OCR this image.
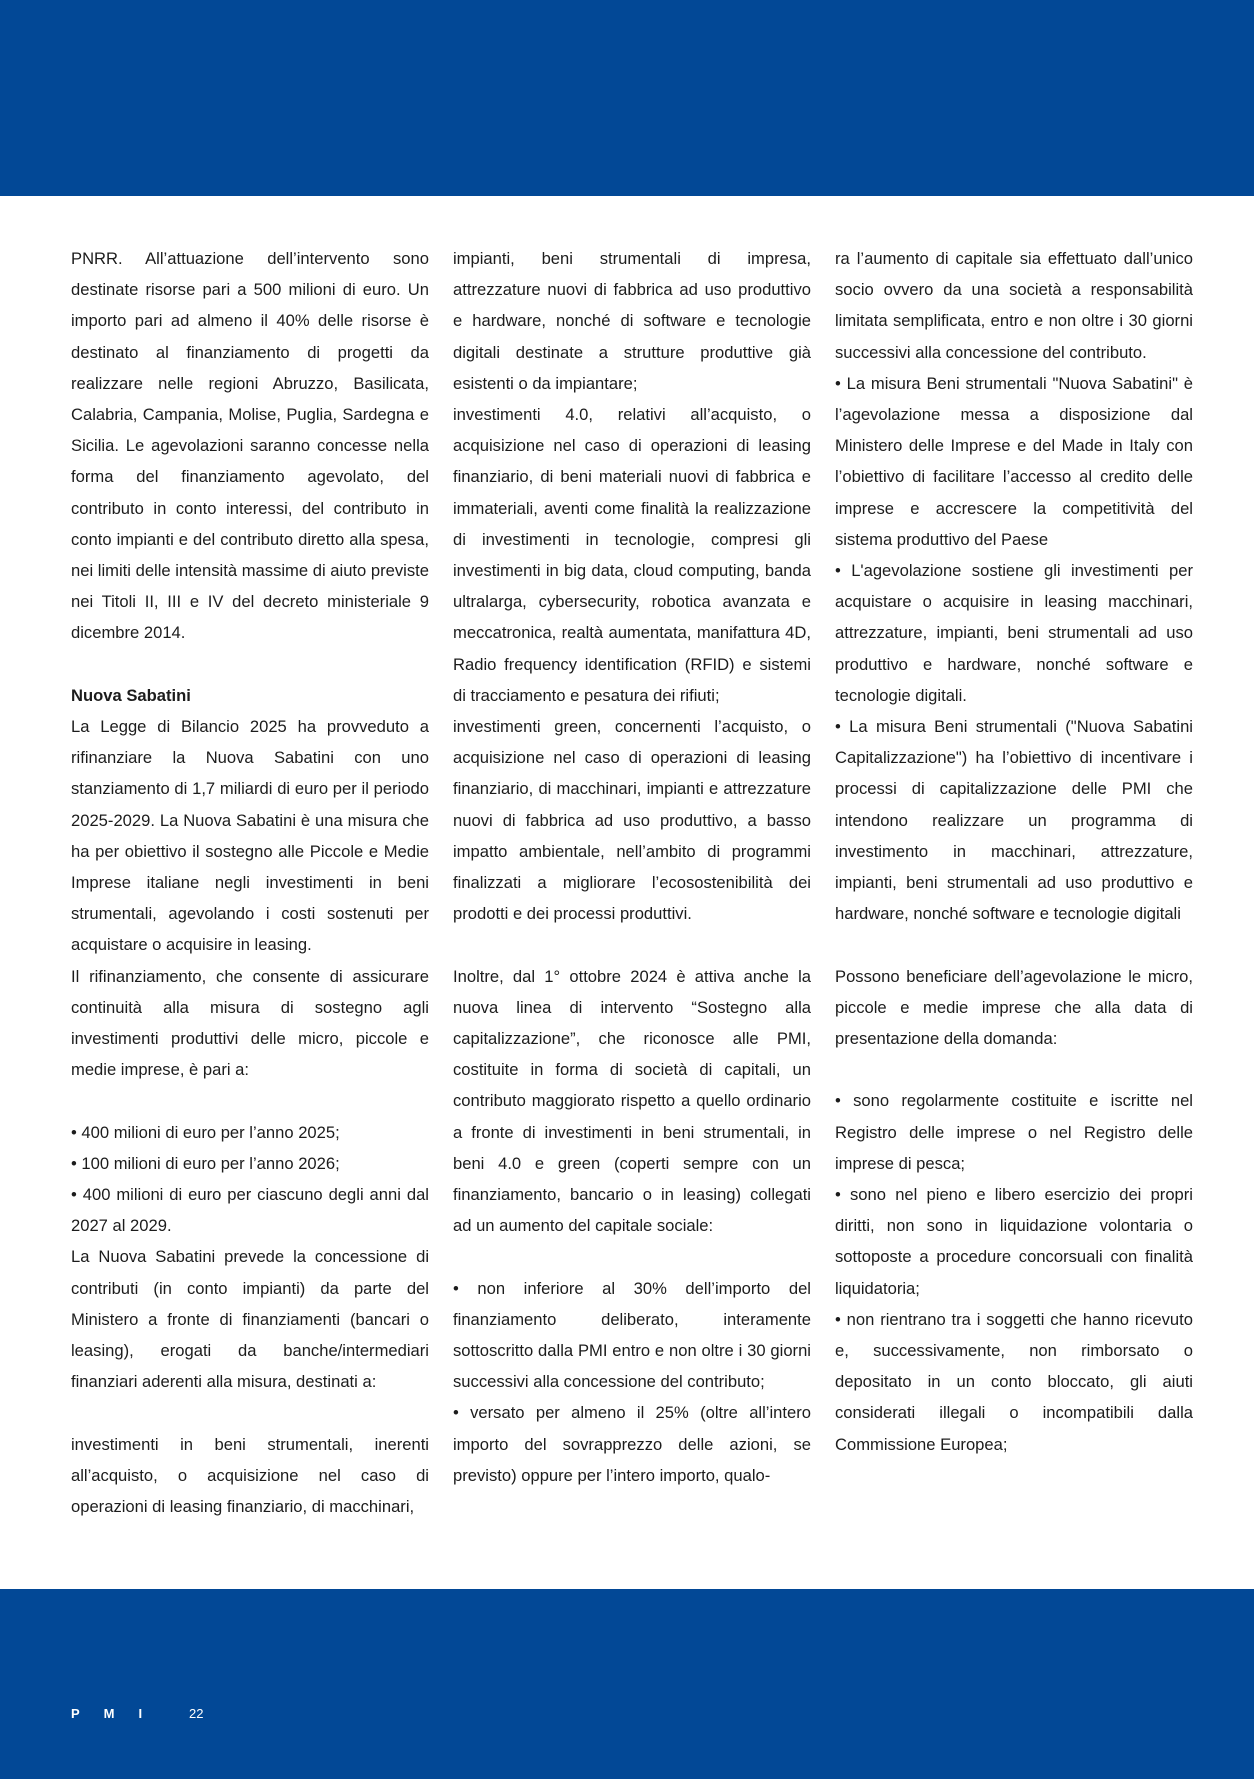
PNRR. All’attuazione dell’intervento sono destinate risorse pari a 500 milioni di euro. Un importo pari ad almeno il 40% delle risorse è destinato al finanziamento di progetti da realizzare nelle regioni Abruzzo, Basilicata, Calabria, Campania, Molise, Puglia, Sardegna e Sicilia. Le agevolazioni saranno concesse nella forma del finanziamento agevolato, del contributo in conto interessi, del contributo in conto impianti e del contributo diretto alla spesa, nei limiti delle intensità massime di aiuto previste nei Titoli II, III e IV del decreto ministeriale 9 dicembre 2014.

Nuova Sabatini

La Legge di Bilancio 2025 ha provveduto a rifinanziare la Nuova Sabatini con uno stanziamento di 1,7 miliardi di euro per il periodo 2025-2029. La Nuova Sabatini è una misura che ha per obiettivo il sostegno alle Piccole e Medie Imprese italiane negli investimenti in beni strumentali, agevolando i costi sostenuti per acquistare o acquisire in leasing.

Il rifinanziamento, che consente di assicurare continuità alla misura di sostegno agli investimenti produttivi delle micro, piccole e medie imprese, è pari a:

• 400 milioni di euro per l’anno 2025;

• 100 milioni di euro per l’anno 2026;

• 400 milioni di euro per ciascuno degli anni dal 2027 al 2029.

La Nuova Sabatini prevede la concessione di contributi (in conto impianti) da parte del Ministero a fronte di finanziamenti (bancari o leasing), erogati da banche/intermediari finanziari aderenti alla misura, destinati a:

investimenti in beni strumentali, inerenti all’acquisto, o acquisizione nel caso di operazioni di leasing finanziario, di macchinari,

impianti, beni strumentali di impresa, attrezzature nuovi di fabbrica ad uso produttivo e hardware, nonché di software e tecnologie digitali destinate a strutture produttive già esistenti o da impiantare;

investimenti 4.0, relativi all’acquisto, o acquisizione nel caso di operazioni di leasing finanziario, di beni materiali nuovi di fabbrica e immateriali, aventi come finalità la realizzazione di investimenti in tecnologie, compresi gli investimenti in big data, cloud computing, banda ultralarga, cybersecurity, robotica avanzata e meccatronica, realtà aumentata, manifattura 4D, Radio frequency identification (RFID) e sistemi di tracciamento e pesatura dei rifiuti;

investimenti green, concernenti l’acquisto, o acquisizione nel caso di operazioni di leasing finanziario, di macchinari, impianti e attrezzature nuovi di fabbrica ad uso produttivo, a basso impatto ambientale, nell’ambito di programmi finalizzati a migliorare l’ecosostenibilità dei prodotti e dei processi produttivi.

Inoltre, dal 1° ottobre 2024 è attiva anche la nuova linea di intervento “Sostegno alla capitalizzazione”, che riconosce alle PMI, costituite in forma di società di capitali, un contributo maggiorato rispetto a quello ordinario a fronte di investimenti in beni strumentali, in beni 4.0 e green (coperti sempre con un finanziamento, bancario o in leasing) collegati ad un aumento del capitale sociale:

• non inferiore al 30% dell’importo del finanziamento deliberato, interamente sottoscritto dalla PMI entro e non oltre i 30 giorni successivi alla concessione del contributo;

• versato per almeno il 25% (oltre all’intero importo del sovrapprezzo delle azioni, se previsto) oppure per l’intero importo, qualo-

ra l’aumento di capitale sia effettuato dall’unico socio ovvero da una società a responsabilità limitata semplificata, entro e non oltre i 30 giorni successivi alla concessione del contributo.

• La misura Beni strumentali "Nuova Sabatini" è l’agevolazione messa a disposizione dal Ministero delle Imprese e del Made in Italy con l’obiettivo di facilitare l’accesso al credito delle imprese e accrescere la competitività del sistema produttivo del Paese

• L'agevolazione sostiene gli investimenti per acquistare o acquisire in leasing macchinari, attrezzature, impianti, beni strumentali ad uso produttivo e hardware, nonché software e tecnologie digitali.

• La misura Beni strumentali ("Nuova Sabatini Capitalizzazione") ha l’obiettivo di incentivare i processi di capitalizzazione delle PMI che intendono realizzare un programma di investimento in macchinari, attrezzature, impianti, beni strumentali ad uso produttivo e hardware, nonché software e tecnologie digitali

Possono beneficiare dell’agevolazione le micro, piccole e medie imprese che alla data di presentazione della domanda:

• sono regolarmente costituite e iscritte nel Registro delle imprese o nel Registro delle imprese di pesca;

• sono nel pieno e libero esercizio dei propri diritti, non sono in liquidazione volontaria o sottoposte a procedure concorsuali con finalità liquidatoria;

• non rientrano tra i soggetti che hanno ricevuto e, successivamente, non rimborsato o depositato in un conto bloccato, gli aiuti considerati illegali o incompatibili dalla Commissione Europea;

PMI 22
